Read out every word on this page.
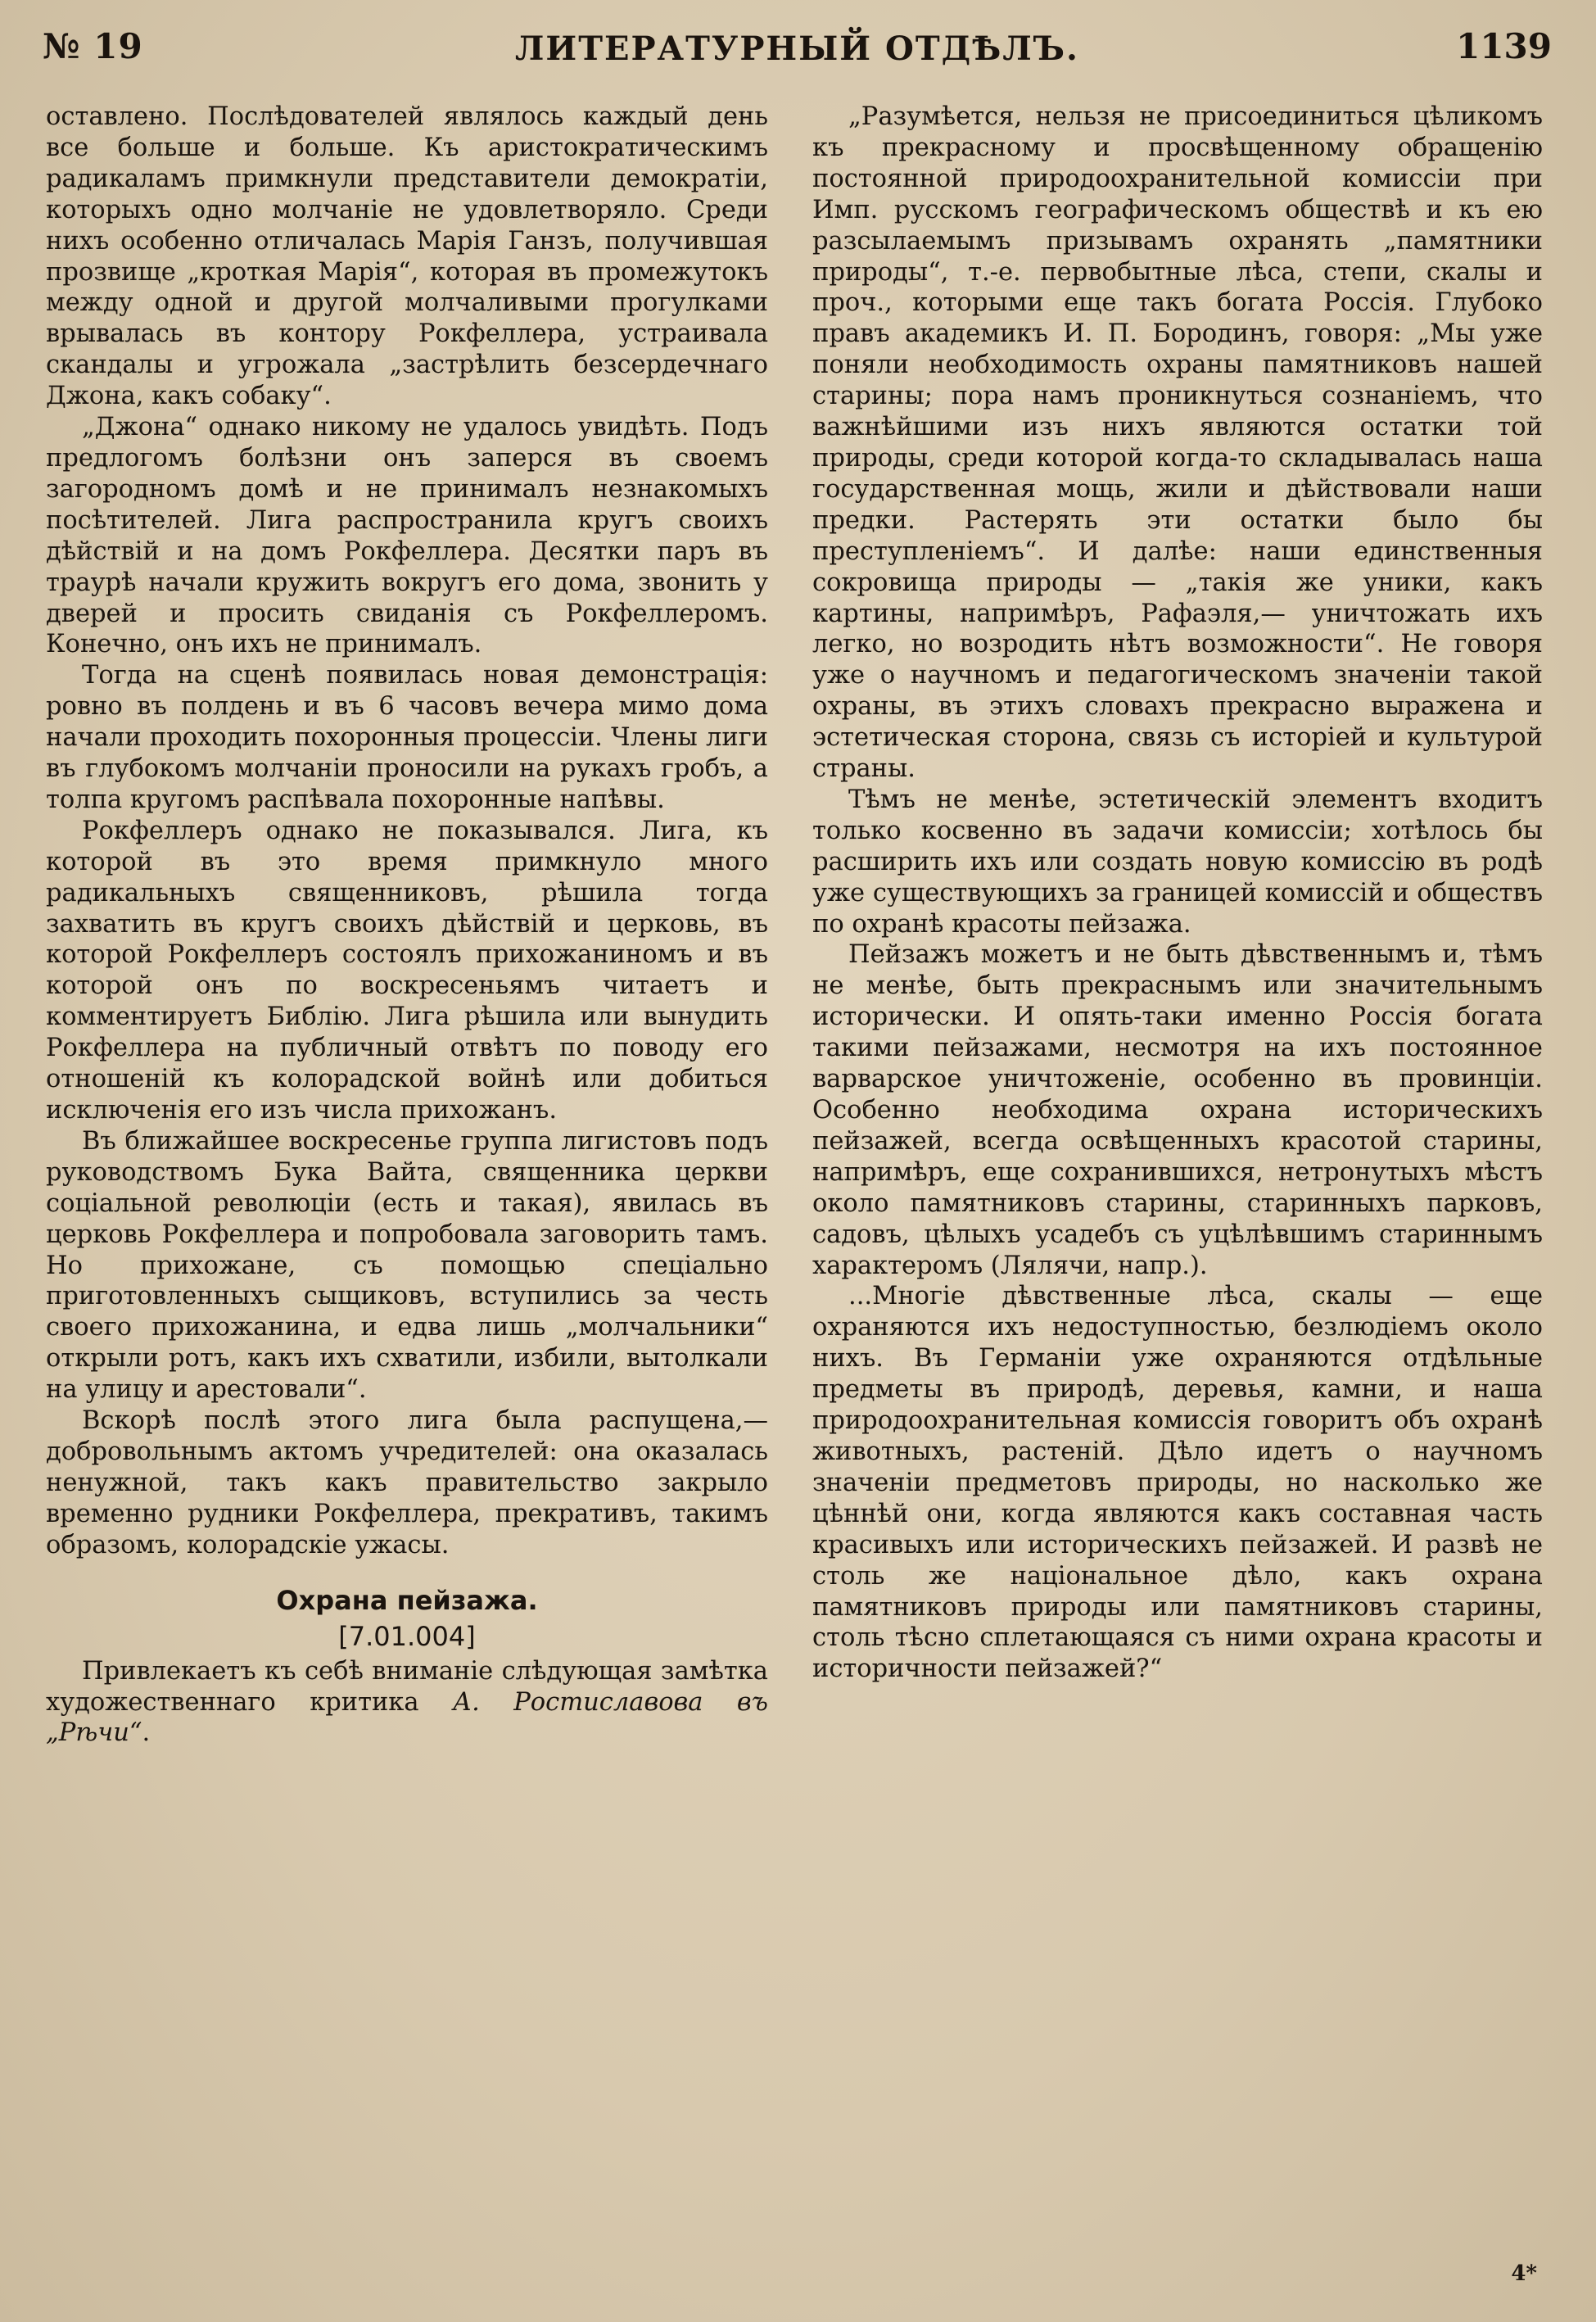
№ 19	ЛИТЕРАТУРНЫЙ ОТДѢЛЪ.	1139

оставлено. Послѣдователей являлось каждый день все больше и больше. Къ аристократическимъ радикаламъ примкнули представители демократіи, которыхъ одно молчаніе не удовлетворяло. Среди нихъ особенно отличалась Марія Ганзъ, получившая прозвище „кроткая Марія“, которая въ промежутокъ между одной и другой молчаливыми прогулками врывалась въ контору Рокфеллера, устраивала скандалы и угрожала „застрѣлить безсердечнаго Джона, какъ собаку“.

„Джона“ однако никому не удалось увидѣть. Подъ предлогомъ болѣзни онъ заперся въ своемъ загородномъ домѣ и не принималъ незнакомыхъ посѣтителей. Лига распространила кругъ своихъ дѣйствій и на домъ Рокфеллера. Десятки паръ въ траурѣ начали кружить вокругъ его дома, звонить у дверей и просить свиданія съ Рокфеллеромъ. Конечно, онъ ихъ не принималъ.

Тогда на сценѣ появилась новая демонстрація: ровно въ полдень и въ 6 часовъ вечера мимо дома начали проходить похоронныя процессіи. Члены лиги въ глубокомъ молчаніи проносили на рукахъ гробъ, а толпа кругомъ распѣвала похоронные напѣвы.

Рокфеллеръ однако не показывался. Лига, къ которой въ это время примкнуло много радикальныхъ священниковъ, рѣшила тогда захватить въ кругъ своихъ дѣйствій и церковь, въ которой Рокфеллеръ состоялъ прихожаниномъ и въ которой онъ по воскресеньямъ читаетъ и комментируетъ Библію. Лига рѣшила или вынудить Рокфеллера на публичный отвѣтъ по поводу его отношеній къ колорадской войнѣ или добиться исключенія его изъ числа прихожанъ.

Въ ближайшее воскресенье группа лигистовъ подъ руководствомъ Бука Вайта, священника церкви соціальной революціи (есть и такая), явилась въ церковь Рокфеллера и попробовала заговорить тамъ. Но прихожане, съ помощью спеціально приготовленныхъ сыщиковъ, вступились за честь своего прихожанина, и едва лишь „молчальники“ открыли ротъ, какъ ихъ схватили, избили, вытолкали на улицу и арестовали“.

Вскорѣ послѣ этого лига была распущена,— добровольнымъ актомъ учредителей: она оказалась ненужной, такъ какъ правительство закрыло временно рудники Рокфеллера, прекративъ, такимъ образомъ, колорадскіе ужасы.

Охрана пейзажа.
[7.01.004]

Привлекаетъ къ себѣ вниманіе слѣдующая замѣтка художественнаго критика А. Ростиславова въ „Рѣчи“.

„Разумѣется, нельзя не присоединиться цѣликомъ къ прекрасному и просвѣщенному обращенію постоянной природоохранительной комиссіи при Имп. русскомъ географическомъ обществѣ и къ ею разсылаемымъ призывамъ охранять „памятники природы“, т.-е. первобытные лѣса, степи, скалы и проч., которыми еще такъ богата Россія. Глубоко правъ академикъ И. П. Бородинъ, говоря: „Мы уже поняли необходимость охраны памятниковъ нашей старины; пора намъ проникнуться сознаніемъ, что важнѣйшими изъ нихъ являются остатки той природы, среди которой когда-то складывалась наша государственная мощь, жили и дѣйствовали наши предки. Растерять эти остатки было бы преступленіемъ“. И далѣе: наши единственныя сокровища природы — „такія же уники, какъ картины, напримѣръ, Рафаэля,— уничтожать ихъ легко, но возродить нѣтъ возможности“. Не говоря уже о научномъ и педагогическомъ значеніи такой охраны, въ этихъ словахъ прекрасно выражена и эстетическая сторона, связь съ исторіей и культурой страны.

Тѣмъ не менѣе, эстетическій элементъ входитъ только косвенно въ задачи комиссіи; хотѣлось бы расширить ихъ или создать новую комиссію въ родѣ уже существующихъ за границей комиссій и обществъ по охранѣ красоты пейзажа.

Пейзажъ можетъ и не быть дѣвственнымъ и, тѣмъ не менѣе, быть прекраснымъ или значительнымъ исторически. И опять-таки именно Россія богата такими пейзажами, несмотря на ихъ постоянное варварское уничтоженіе, особенно въ провинціи. Особенно необходима охрана историческихъ пейзажей, всегда освѣщенныхъ красотой старины, напримѣръ, еще сохранившихся, нетронутыхъ мѣстъ около памятниковъ старины, старинныхъ парковъ, садовъ, цѣлыхъ усадебъ съ уцѣлѣвшимъ стариннымъ характеромъ (Лялячи, напр.).

...Многіе дѣвственные лѣса, скалы — еще охраняются ихъ недоступностью, безлюдіемъ около нихъ. Въ Германіи уже охраняются отдѣльные предметы въ природѣ, деревья, камни, и наша природоохранительная комиссія говоритъ объ охранѣ животныхъ, растеній. Дѣло идетъ о научномъ значеніи предметовъ природы, но насколько же цѣннѣй они, когда являются какъ составная часть красивыхъ или историческихъ пейзажей. И развѣ не столь же національное дѣло, какъ охрана памятниковъ природы или памятниковъ старины, столь тѣсно сплетающаяся съ ними охрана красоты и историчности пейзажей?“

4*
